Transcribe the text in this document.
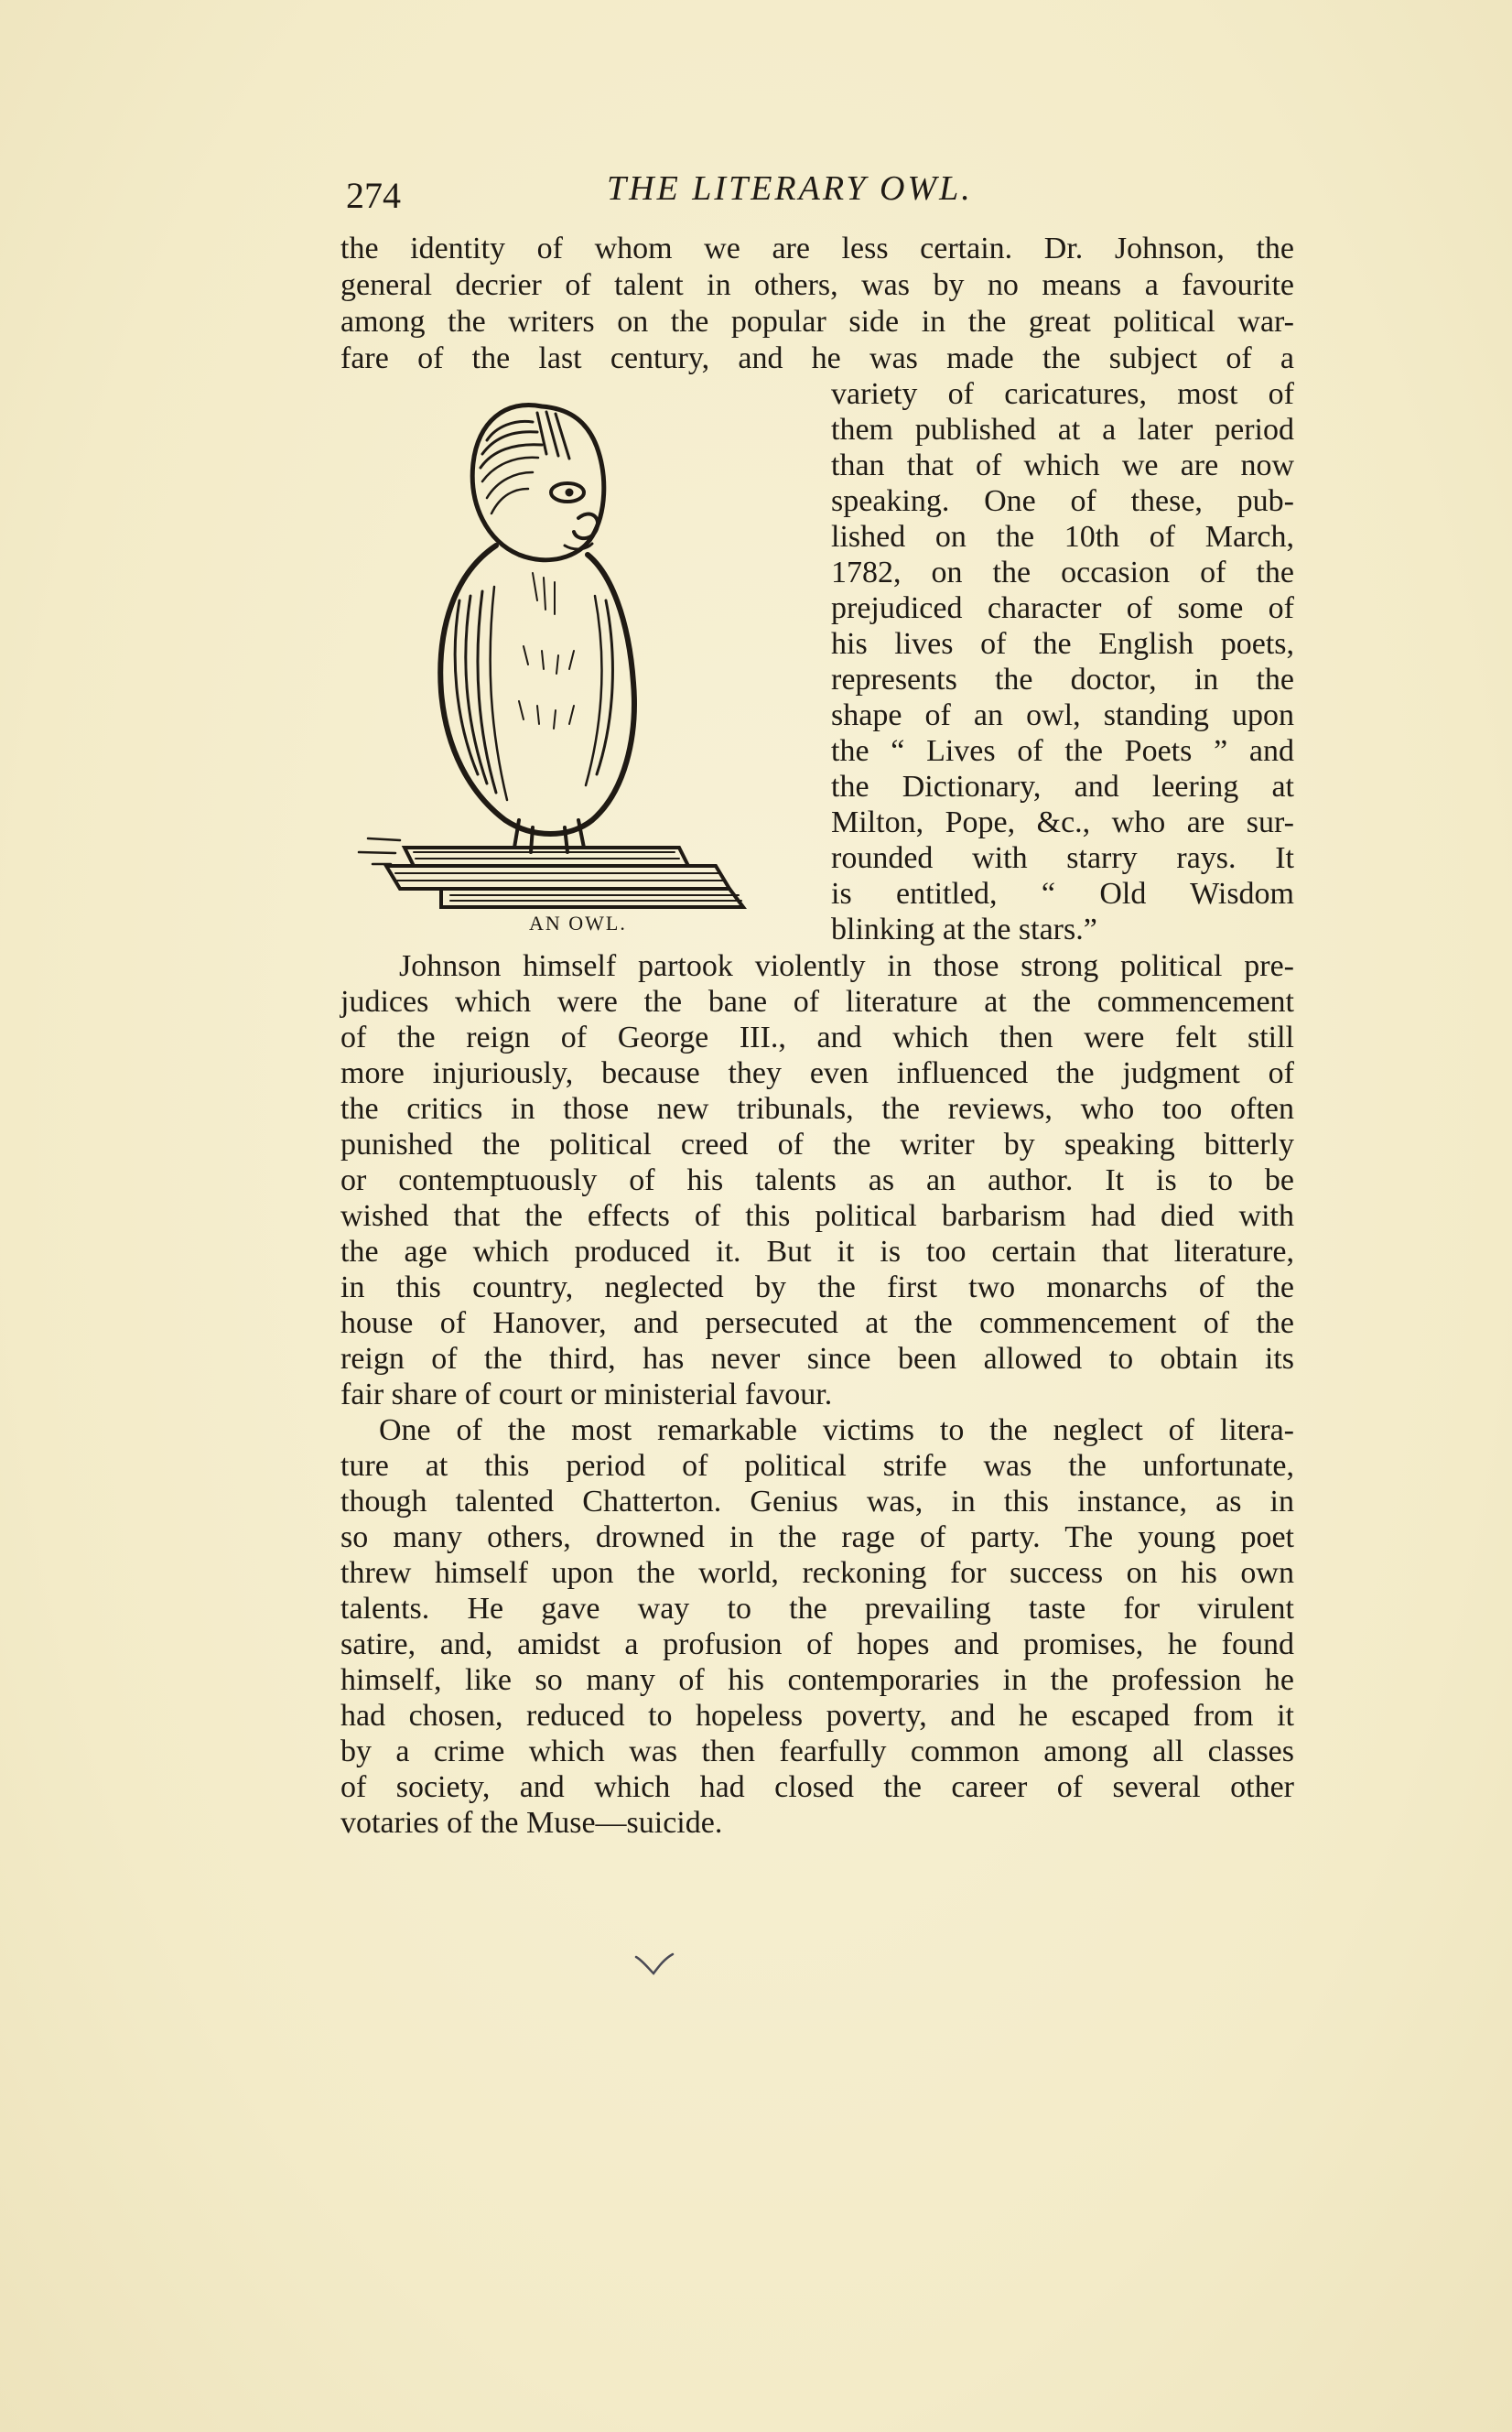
274	THE LITERARY OWL.
the identity of whom we are less certain. Dr. Johnson, the
general decrier of talent in others, was by no means a favourite
among the writers on the popular side in the great political war-
fare of the last century, and he was made the subject of a
variety of caricatures, most of
them published at a later period
than that of which we are now
speaking. One of these, pub-
lished on the 10th of March,
1782, on the occasion of the
prejudiced character of some of
his lives of the English poets,
represents the doctor, in the
shape of an owl, standing upon
the “ Lives of the Poets ” and
the Dictionary, and leering at
Milton, Pope, &c., who are sur-
rounded with starry rays. It
is entitled, “ Old Wisdom
blinking at the stars.”
AN OWL.
Johnson himself partook violently in those strong political pre-
judices which were the bane of literature at the commencement
of the reign of George III., and which then were felt still
more injuriously, because they even influenced the judgment of
the critics in those new tribunals, the reviews, who too often
punished the political creed of the writer by speaking bitterly
or contemptuously of his talents as an author. It is to be
wished that the effects of this political barbarism had died with
the age which produced it. But it is too certain that literature,
in this country, neglected by the first two monarchs of the
house of Hanover, and persecuted at the commencement of the
reign of the third, has never since been allowed to obtain its
fair share of court or ministerial favour.
One of the most remarkable victims to the neglect of litera-
ture at this period of political strife was the unfortunate,
though talented Chatterton. Genius was, in this instance, as in
so many others, drowned in the rage of party. The young poet
threw himself upon the world, reckoning for success on his own
talents. He gave way to the prevailing taste for virulent
satire, and, amidst a profusion of hopes and promises, he found
himself, like so many of his contemporaries in the profession he
had chosen, reduced to hopeless poverty, and he escaped from it
by a crime which was then fearfully common among all classes
of society, and which had closed the career of several other
votaries of the Muse—suicide.
